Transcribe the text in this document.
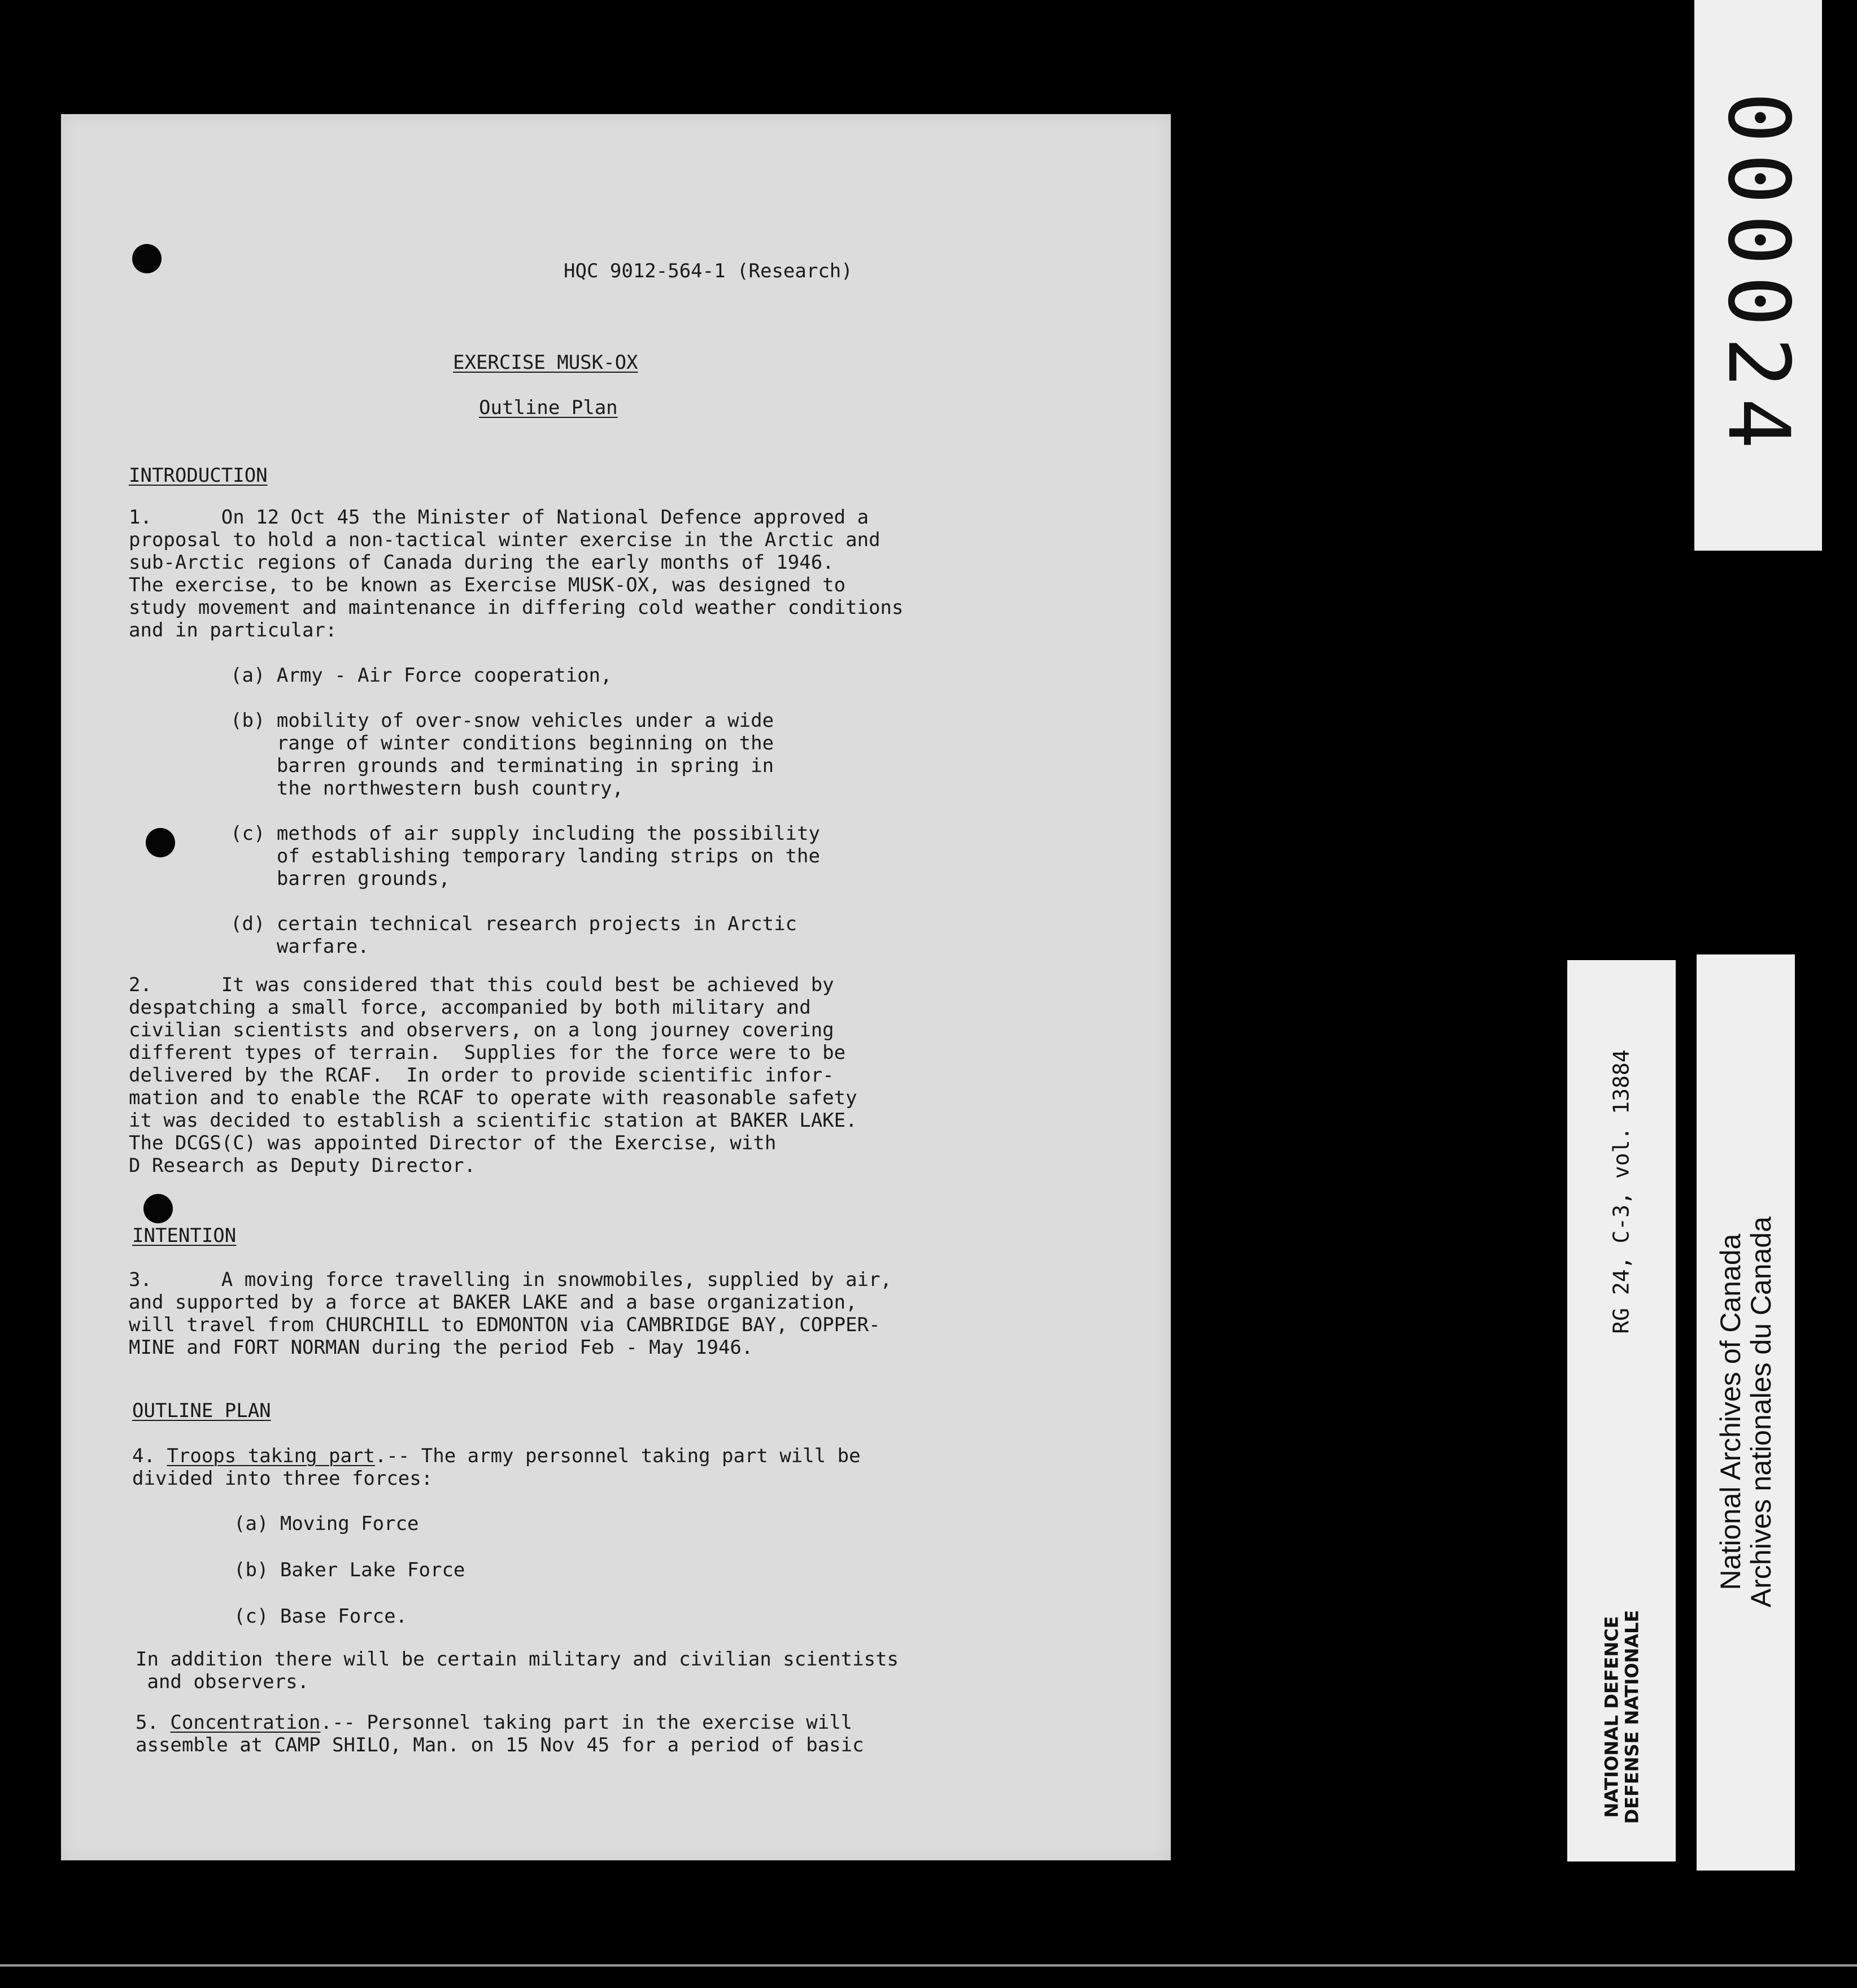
HQC 9012-564-1 (Research)

EXERCISE MUSK-OX

Outline Plan

INTRODUCTION

1.      On 12 Oct 45 the Minister of National Defence approved a
proposal to hold a non-tactical winter exercise in the Arctic and
sub-Arctic regions of Canada during the early months of 1946.
The exercise, to be known as Exercise MUSK-OX, was designed to
study movement and maintenance in differing cold weather conditions
and in particular:

(a) Army - Air Force cooperation,

(b) mobility of over-snow vehicles under a wide
range of winter conditions beginning on the
barren grounds and terminating in spring in
the northwestern bush country,
(c) methods of air supply including the possibility
of establishing temporary landing strips on the
barren grounds,
(d) certain technical research projects in Arctic
warfare.
2.      It was considered that this could best be achieved by
despatching a small force, accompanied by both military and
civilian scientists and observers, on a long journey covering
different types of terrain.  Supplies for the force were to be
delivered by the RCAF.  In order to provide scientific infor-
mation and to enable the RCAF to operate with reasonable safety
it was decided to establish a scientific station at BAKER LAKE.
The DCGS(C) was appointed Director of the Exercise, with
D Research as Deputy Director.

INTENTION

3.      A moving force travelling in snowmobiles, supplied by air,
and supported by a force at BAKER LAKE and a base organization,
will travel from CHURCHILL to EDMONTON via CAMBRIDGE BAY, COPPER-
MINE and FORT NORMAN during the period Feb - May 1946.

OUTLINE PLAN

4. Troops taking part.-- The army personnel taking part will be
divided into three forces:

(a) Moving Force

(b) Baker Lake Force

(c) Base Force.

In addition there will be certain military and civilian scientists
and observers.
5. Concentration.-- Personnel taking part in the exercise will
assemble at CAMP SHILO, Man. on 15 Nov 45 for a period of basic
000024
RG 24, C-3, vol. 13884
NATIONAL DEFENCE
DEFENSE NATIONALE
National Archives of Canada
Archives nationales du Canada
